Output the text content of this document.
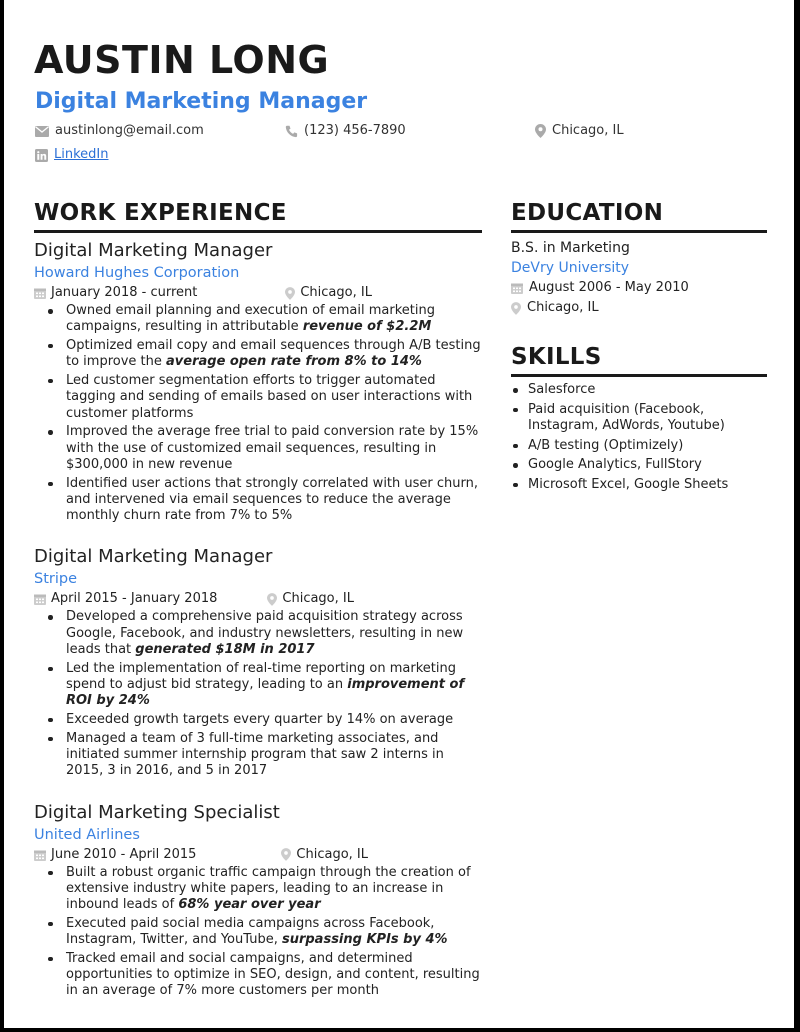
AUSTIN LONG
Digital Marketing Manager
austinlong@email.com	(123) 456-7890	Chicago, IL
LinkedIn
WORK EXPERIENCE
Digital Marketing Manager
Howard Hughes Corporation
January 2018 - current	Chicago, IL
Owned email planning and execution of email marketing campaigns, resulting in attributable revenue of $2.2M
Optimized email copy and email sequences through A/B testing to improve the average open rate from 8% to 14%
Led customer segmentation efforts to trigger automated tagging and sending of emails based on user interactions with customer platforms
Improved the average free trial to paid conversion rate by 15% with the use of customized email sequences, resulting in $300,000 in new revenue
Identified user actions that strongly correlated with user churn, and intervened via email sequences to reduce the average monthly churn rate from 7% to 5%
Digital Marketing Manager
Stripe
April 2015 - January 2018	Chicago, IL
Developed a comprehensive paid acquisition strategy across Google, Facebook, and industry newsletters, resulting in new leads that generated $18M in 2017
Led the implementation of real-time reporting on marketing spend to adjust bid strategy, leading to an improvement of ROI by 24%
Exceeded growth targets every quarter by 14% on average
Managed a team of 3 full-time marketing associates, and initiated summer internship program that saw 2 interns in 2015, 3 in 2016, and 5 in 2017
Digital Marketing Specialist
United Airlines
June 2010 - April 2015	Chicago, IL
Built a robust organic traffic campaign through the creation of extensive industry white papers, leading to an increase in inbound leads of 68% year over year
Executed paid social media campaigns across Facebook, Instagram, Twitter, and YouTube, surpassing KPIs by 4%
Tracked email and social campaigns, and determined opportunities to optimize in SEO, design, and content, resulting in an average of 7% more customers per month
EDUCATION
B.S. in Marketing
DeVry University
August 2006 - May 2010
Chicago, IL
SKILLS
Salesforce
Paid acquisition (Facebook, Instagram, AdWords, Youtube)
A/B testing (Optimizely)
Google Analytics, FullStory
Microsoft Excel, Google Sheets
